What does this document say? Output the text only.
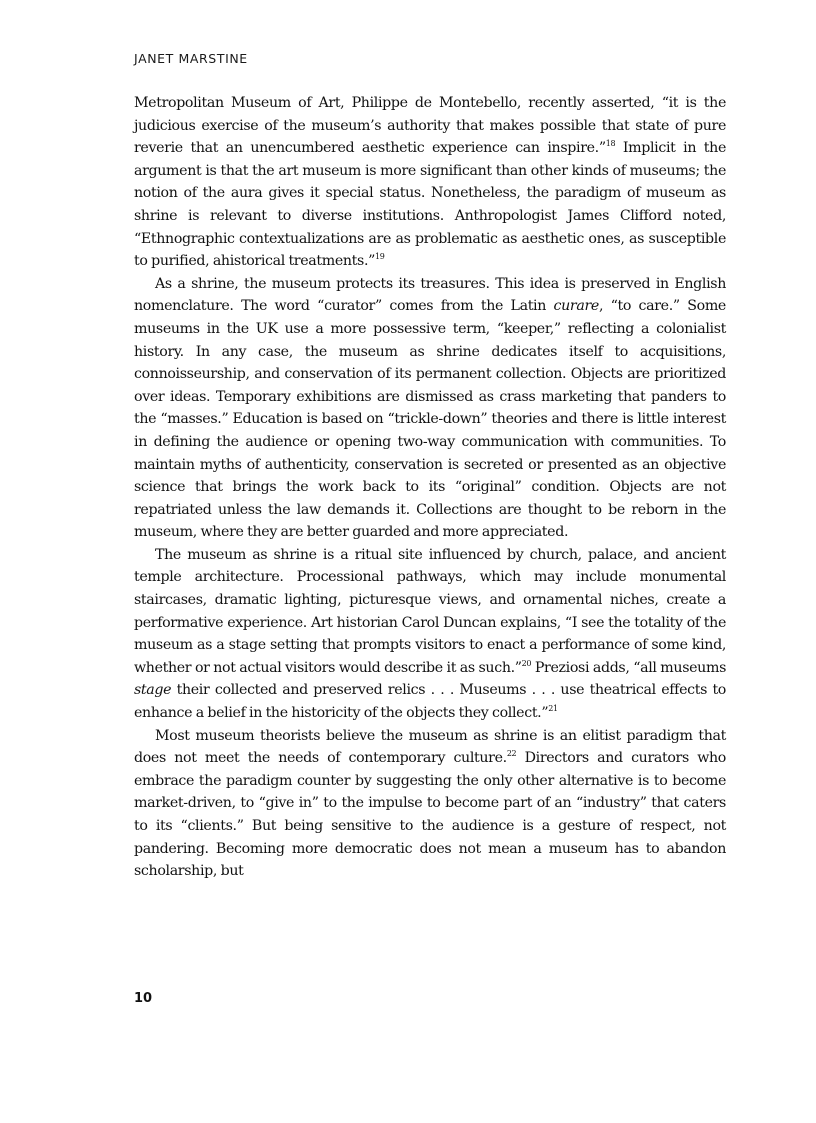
JANET MARSTINE

Metropolitan Museum of Art, Philippe de Montebello, recently asserted, “it is the judicious exercise of the museum’s authority that makes possible that state of pure reverie that an unencumbered aesthetic experience can inspire.”$^{18}$ Implicit in the argument is that the art museum is more significant than other kinds of museums; the notion of the aura gives it special status. Nonetheless, the paradigm of museum as shrine is relevant to diverse institutions. Anthropologist James Clifford noted, “Ethnographic contextualizations are as problematic as aesthetic ones, as susceptible to purified, ahistorical treatments.”$^{19}$

As a shrine, the museum protects its treasures. This idea is preserved in English nomenclature. The word “curator” comes from the Latin curare, “to care.” Some museums in the UK use a more possessive term, “keeper,” reflecting a colonialist history. In any case, the museum as shrine dedicates itself to acquisitions, connoisseurship, and conservation of its permanent collection. Objects are prioritized over ideas. Temporary exhibitions are dismissed as crass marketing that panders to the “masses.” Education is based on “trickle-down” theories and there is little interest in defining the audience or opening two-way communication with communities. To maintain myths of authenticity, conservation is secreted or presented as an objective science that brings the work back to its “original” condition. Objects are not repatriated unless the law demands it. Collections are thought to be reborn in the museum, where they are better guarded and more appreciated.

The museum as shrine is a ritual site influenced by church, palace, and ancient temple architecture. Processional pathways, which may include monumental staircases, dramatic lighting, picturesque views, and ornamental niches, create a performative experience. Art historian Carol Duncan explains, “I see the totality of the museum as a stage setting that prompts visitors to enact a performance of some kind, whether or not actual visitors would describe it as such.”$^{20}$ Preziosi adds, “all museums stage their collected and preserved relics . . . Museums . . . use theatrical effects to enhance a belief in the historicity of the objects they collect.”$^{21}$

Most museum theorists believe the museum as shrine is an elitist paradigm that does not meet the needs of contemporary culture.$^{22}$ Directors and curators who embrace the paradigm counter by suggesting the only other alternative is to become market-driven, to “give in” to the impulse to become part of an “industry” that caters to its “clients.” But being sensitive to the audience is a gesture of respect, not pandering. Becoming more democratic does not mean a museum has to abandon scholarship, but

10
